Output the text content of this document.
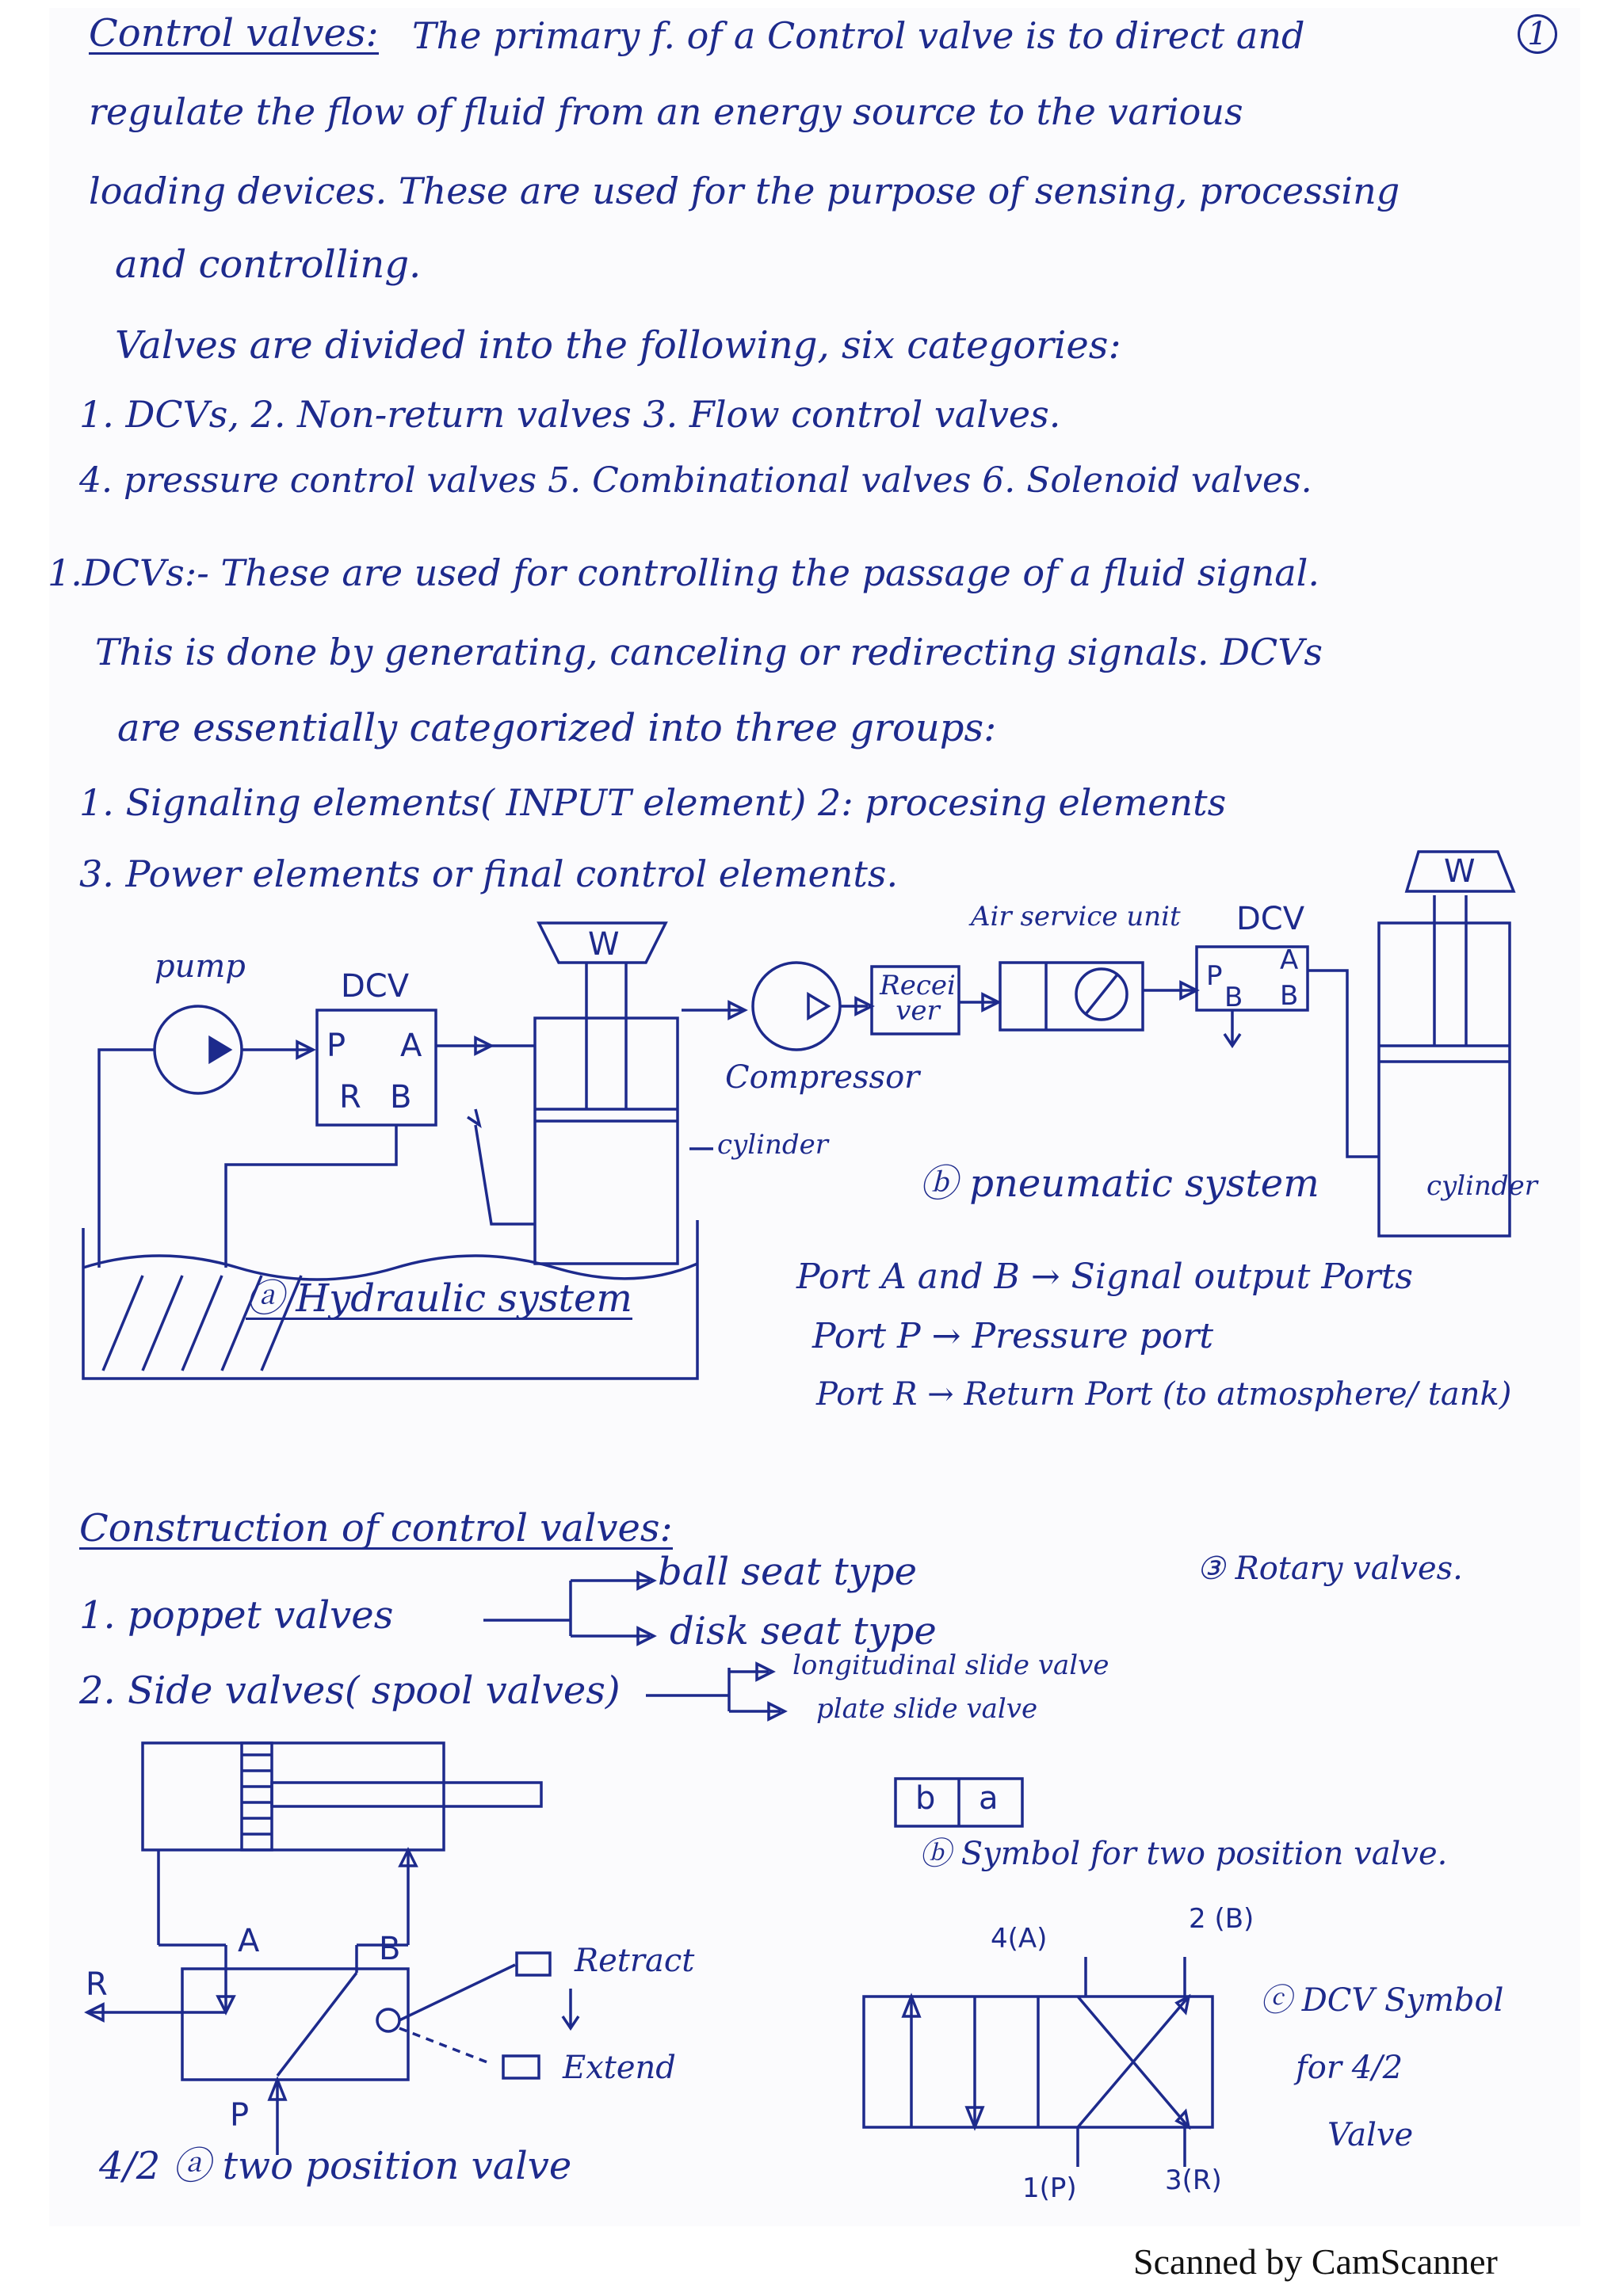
Control valves: The primary f. of a Control valve is to direct and	1
regulate the flow of fluid from an energy source to the various
loading devices. These are used for the purpose of sensing, processing
and controlling.
Valves are divided into the following, six categories:
1. DCVs, 2. Non-return valves 3. Flow control valves.
4. pressure control valves 5. Combinational valves 6. Solenoid valves.
1.DCVs:- These are used for controlling the passage of a fluid signal.
This is done by generating, canceling or redirecting signals. DCVs
are essentially categorized into three groups:
1. Signaling elements( INPUT element) 2: procesing elements
3. Power elements or final control elements.
pump
DCV
P A
R B
W
cylinder
ⓐ Hydraulic system
Recei ver
Compressor
Air service unit DCV
P A
B B
W
cylinder
ⓑ pneumatic system
Port A and B → Signal output Ports
Port P → Pressure port
Port R → Return Port (to atmosphere/ tank)
Construction of control valves:
1. poppet valves
ball seat type
disk seat type
2. Side valves( spool valves)
longitudinal slide valve
plate slide valve
③ Rotary valves.
A	B
R
P
Retract
Extend
4/2 ⓐ two position valve
b a
ⓑ Symbol for two position valve.
4(A)
2 (B)
1(P)	3(R)
ⓒ DCV Symbol
for 4/2
Valve
Scanned by CamScanner
